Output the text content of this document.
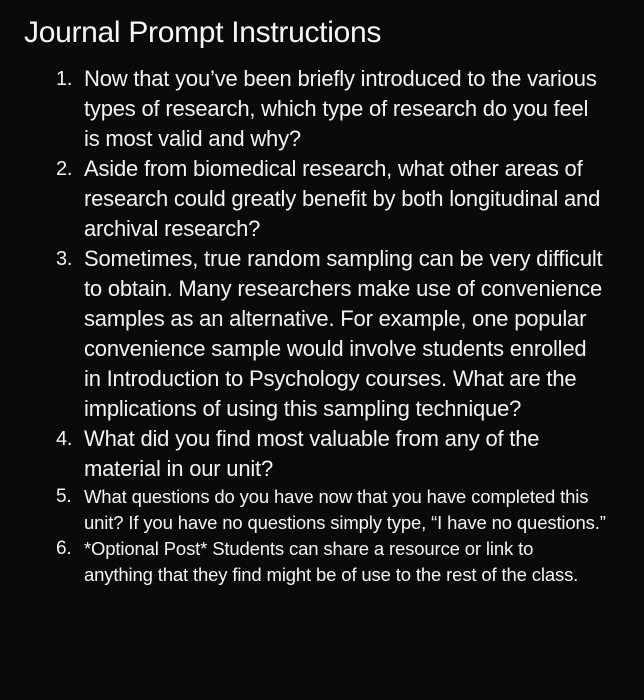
Journal Prompt Instructions
1. Now that you’ve been briefly introduced to the various types of research, which type of research do you feel is most valid and why?
2. Aside from biomedical research, what other areas of research could greatly benefit by both longitudinal and archival research?
3. Sometimes, true random sampling can be very difficult to obtain. Many researchers make use of convenience samples as an alternative. For example, one popular convenience sample would involve students enrolled in Introduction to Psychology courses. What are the implications of using this sampling technique?
4. What did you find most valuable from any of the material in our unit?
5. What questions do you have now that you have completed this unit? If you have no questions simply type, “I have no questions.”
6. *Optional Post* Students can share a resource or link to anything that they find might be of use to the rest of the class.
